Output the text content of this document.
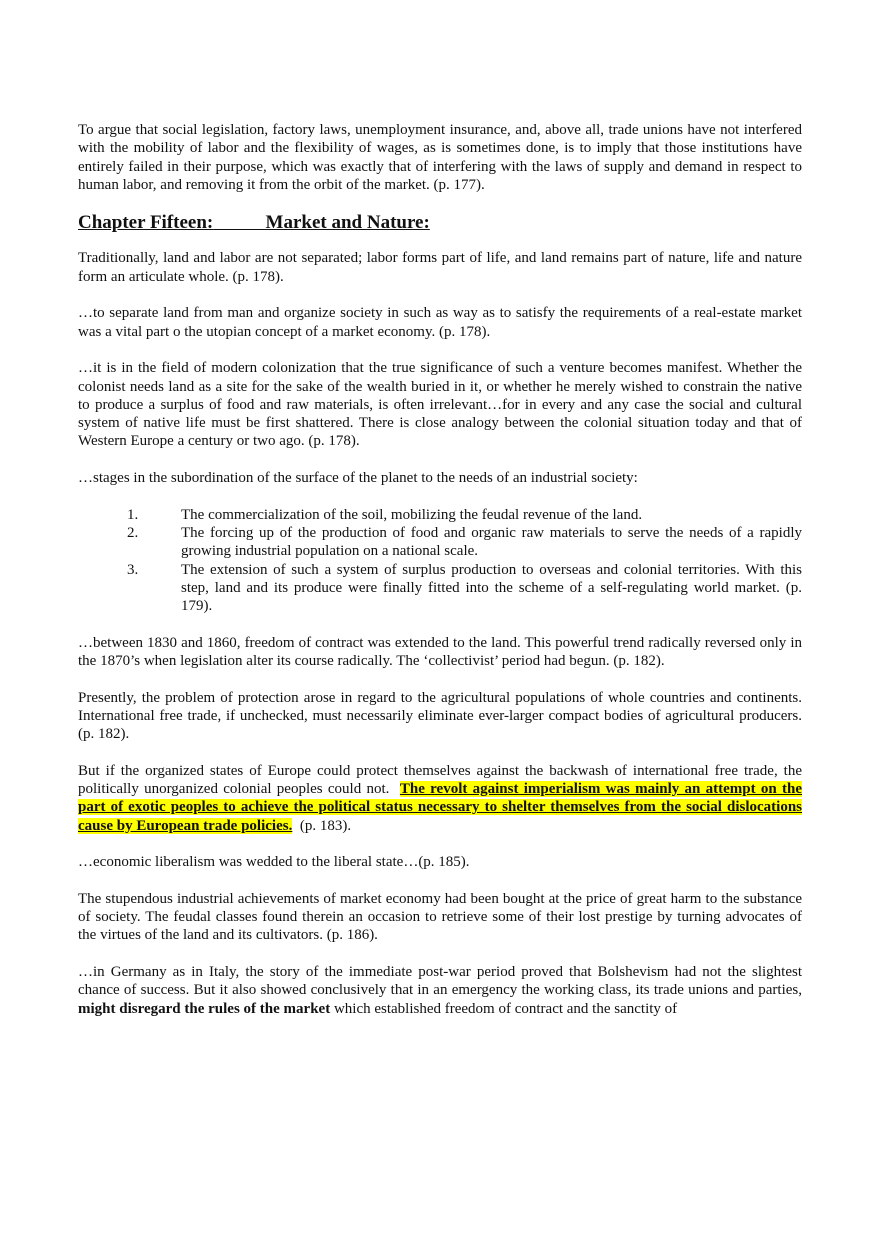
To argue that social legislation, factory laws, unemployment insurance, and, above all, trade unions have not interfered with the mobility of labor and the flexibility of wages, as is sometimes done, is to imply that those institutions have entirely failed in their purpose, which was exactly that of interfering with the laws of supply and demand in respect to human labor, and removing it from the orbit of the market. (p. 177).

Chapter Fifteen:	Market and Nature:

Traditionally, land and labor are not separated; labor forms part of life, and land remains part of nature, life and nature form an articulate whole. (p. 178).

…to separate land from man and organize society in such as way as to satisfy the requirements of a real-estate market was a vital part o the utopian concept of a market economy. (p. 178).

…it is in the field of modern colonization that the true significance of such a venture becomes manifest. Whether the colonist needs land as a site for the sake of the wealth buried in it, or whether he merely wished to constrain the native to produce a surplus of food and raw materials, is often irrelevant…for in every and any case the social and cultural system of native life must be first shattered. There is close analogy between the colonial situation today and that of Western Europe a century or two ago. (p. 178).

…stages in the subordination of the surface of the planet to the needs of an industrial society:

1.	The commercialization of the soil, mobilizing the feudal revenue of the land.
2.	The forcing up of the production of food and organic raw materials to serve the needs of a rapidly growing industrial population on a national scale.
3.	The extension of such a system of surplus production to overseas and colonial territories. With this step, land and its produce were finally fitted into the scheme of a self-regulating world market. (p. 179).

…between 1830 and 1860, freedom of contract was extended to the land. This powerful trend radically reversed only in the 1870’s when legislation alter its course radically. The ‘collectivist’ period had begun. (p. 182).

Presently, the problem of protection arose in regard to the agricultural populations of whole countries and continents. International free trade, if unchecked, must necessarily eliminate ever-larger compact bodies of agricultural producers. (p. 182).

But if the organized states of Europe could protect themselves against the backwash of international free trade, the politically unorganized colonial peoples could not.  The revolt against imperialism was mainly an attempt on the part of exotic peoples to achieve the political status necessary to shelter themselves from the social dislocations cause by European trade policies.  (p. 183).

…economic liberalism was wedded to the liberal state…(p. 185).

The stupendous industrial achievements of market economy had been bought at the price of great harm to the substance of society. The feudal classes found therein an occasion to retrieve some of their lost prestige by turning advocates of the virtues of the land and its cultivators. (p. 186).

…in Germany as in Italy, the story of the immediate post-war period proved that Bolshevism had not the slightest chance of success. But it also showed conclusively that in an emergency the working class, its trade unions and parties, might disregard the rules of the market which established freedom of contract and the sanctity of
